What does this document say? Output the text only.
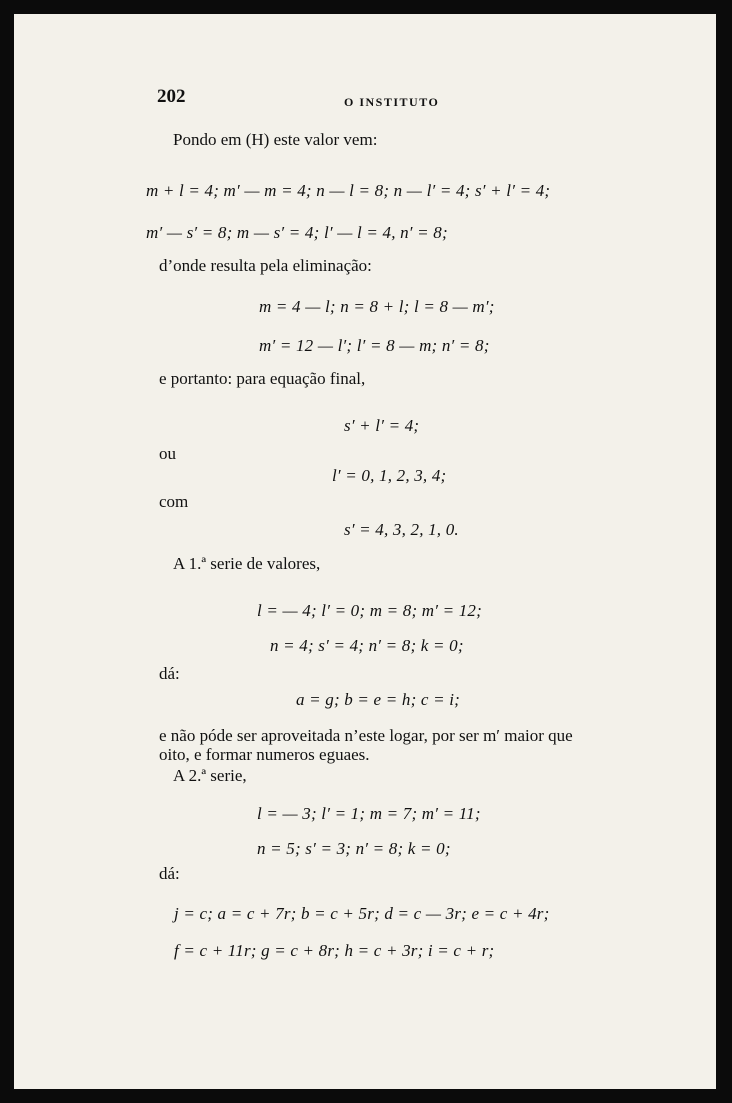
202	O INSTITUTO
Pondo em (H) este valor vem:
m + l = 4; m′ — m = 4; n — l = 8; n — l′ = 4; s′ + l′ = 4;
m′ — s′ = 8; m — s′ = 4; l′ — l = 4, n′ = 8;
d’onde resulta pela eliminação:
m = 4 — l; n = 8 + l; l = 8 — m′;
m′ = 12 — l′; l′ = 8 — m; n′ = 8;
e portanto: para equação final,
s′ + l′ = 4;
ou
l′ = 0, 1, 2, 3, 4;
com
s′ = 4, 3, 2, 1, 0.
A 1.ª serie de valores,
l = — 4; l′ = 0; m = 8; m′ = 12;
n = 4; s′ = 4; n′ = 8; k = 0;
dá:
a = g; b = e = h; c = i;
e não póde ser aproveitada n’este logar, por ser m′ maior que
oito, e formar numeros eguaes.
A 2.ª serie,
l = — 3; l′ = 1; m = 7; m′ = 11;
n = 5; s′ = 3; n′ = 8; k = 0;
dá:
j = c; a = c + 7r; b = c + 5r; d = c — 3r; e = c + 4r;
f = c + 11r; g = c + 8r; h = c + 3r; i = c + r;
